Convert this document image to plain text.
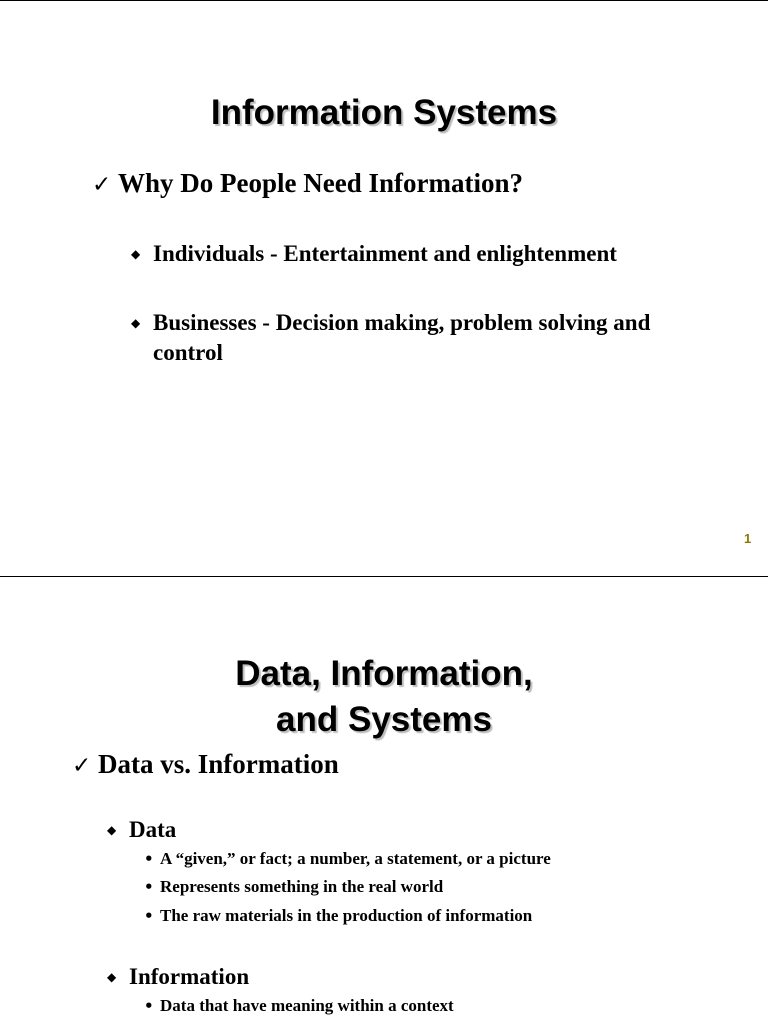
Information Systems
✓ Why Do People Need Information?
◆ Individuals - Entertainment and enlightenment
◆ Businesses - Decision making, problem solving and
control
1
Data, Information,
and Systems
✓ Data vs. Information
◆ Data
• A “given,” or fact; a number, a statement, or a picture
• Represents something in the real world
• The raw materials in the production of information
◆ Information
• Data that have meaning within a context
